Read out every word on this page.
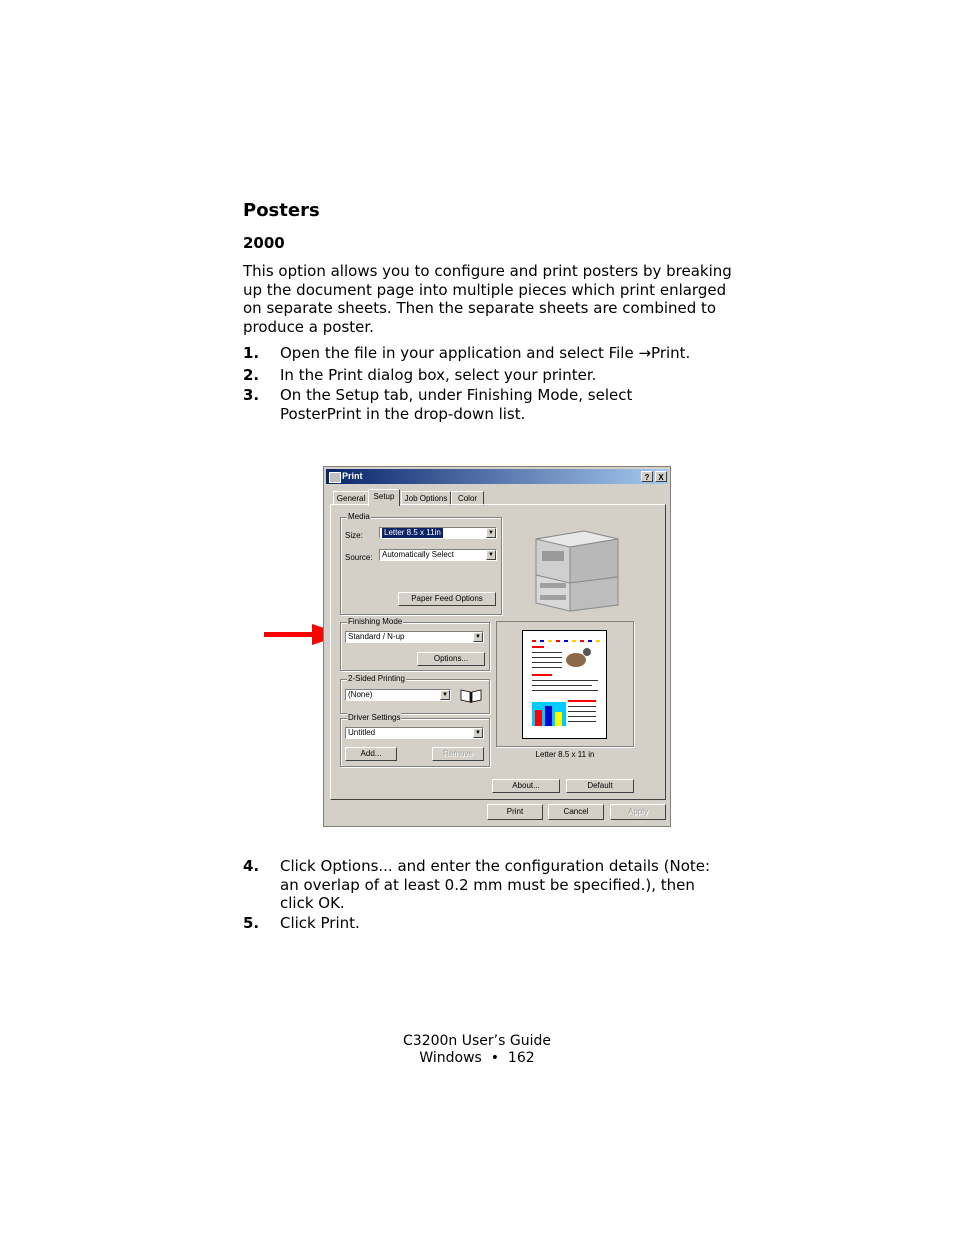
Posters
2000
This option allows you to configure and print posters by breaking up the document page into multiple pieces which print enlarged on separate sheets. Then the separate sheets are combined to produce a poster.
1. Open the file in your application and select File →Print.
2. In the Print dialog box, select your printer.
3. On the Setup tab, under Finishing Mode, select PosterPrint in the drop-down list.
Print	?	X
General	Setup	Job Options	Color
Media
Size:	Letter 8.5 x 11in	▼
Source:	Automatically Select	▼
Paper Feed Options
Finishing Mode
Standard / N-up	▼
Options...
Letter 8.5 x 11 in
2-Sided Printing
(None)	▼
Driver Settings
Untitled	▼
Add...	Remove
About...	Default
Print	Cancel	Apply
4. Click Options... and enter the configuration details (Note: an overlap of at least 0.2 mm must be specified.), then click OK.
5. Click Print.
C3200n User’s Guide
Windows • 162
